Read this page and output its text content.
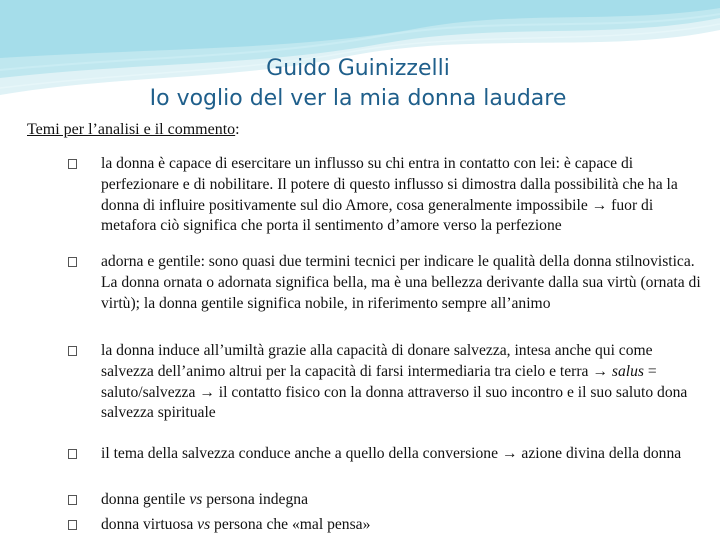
Guido Guinizzelli
Io voglio del ver la mia donna laudare
Temi per l’analisi e il commento:
la donna è capace di esercitare un influsso su chi entra in contatto con lei: è capace di perfezionare e di nobilitare. Il potere di questo influsso si dimostra dalla possibilità che ha la donna di influire positivamente sul dio Amore, cosa generalmente impossibile → fuor di metafora ciò significa che porta il sentimento d’amore verso la perfezione
adorna e gentile: sono quasi due termini tecnici per indicare le qualità della donna stilnovistica. La donna ornata o adornata significa bella, ma è una bellezza derivante dalla sua virtù (ornata di virtù); la donna gentile significa nobile, in riferimento sempre all’animo
la donna induce all’umiltà grazie alla capacità di donare salvezza, intesa anche qui come salvezza dell’animo altrui per la capacità di farsi intermediaria tra cielo e terra → salus = saluto/salvezza → il contatto fisico con la donna attraverso il suo incontro e il suo saluto dona salvezza spirituale
il tema della salvezza conduce anche a quello della conversione → azione divina della donna
donna gentile vs persona indegna
donna virtuosa vs persona che «mal pensa»
